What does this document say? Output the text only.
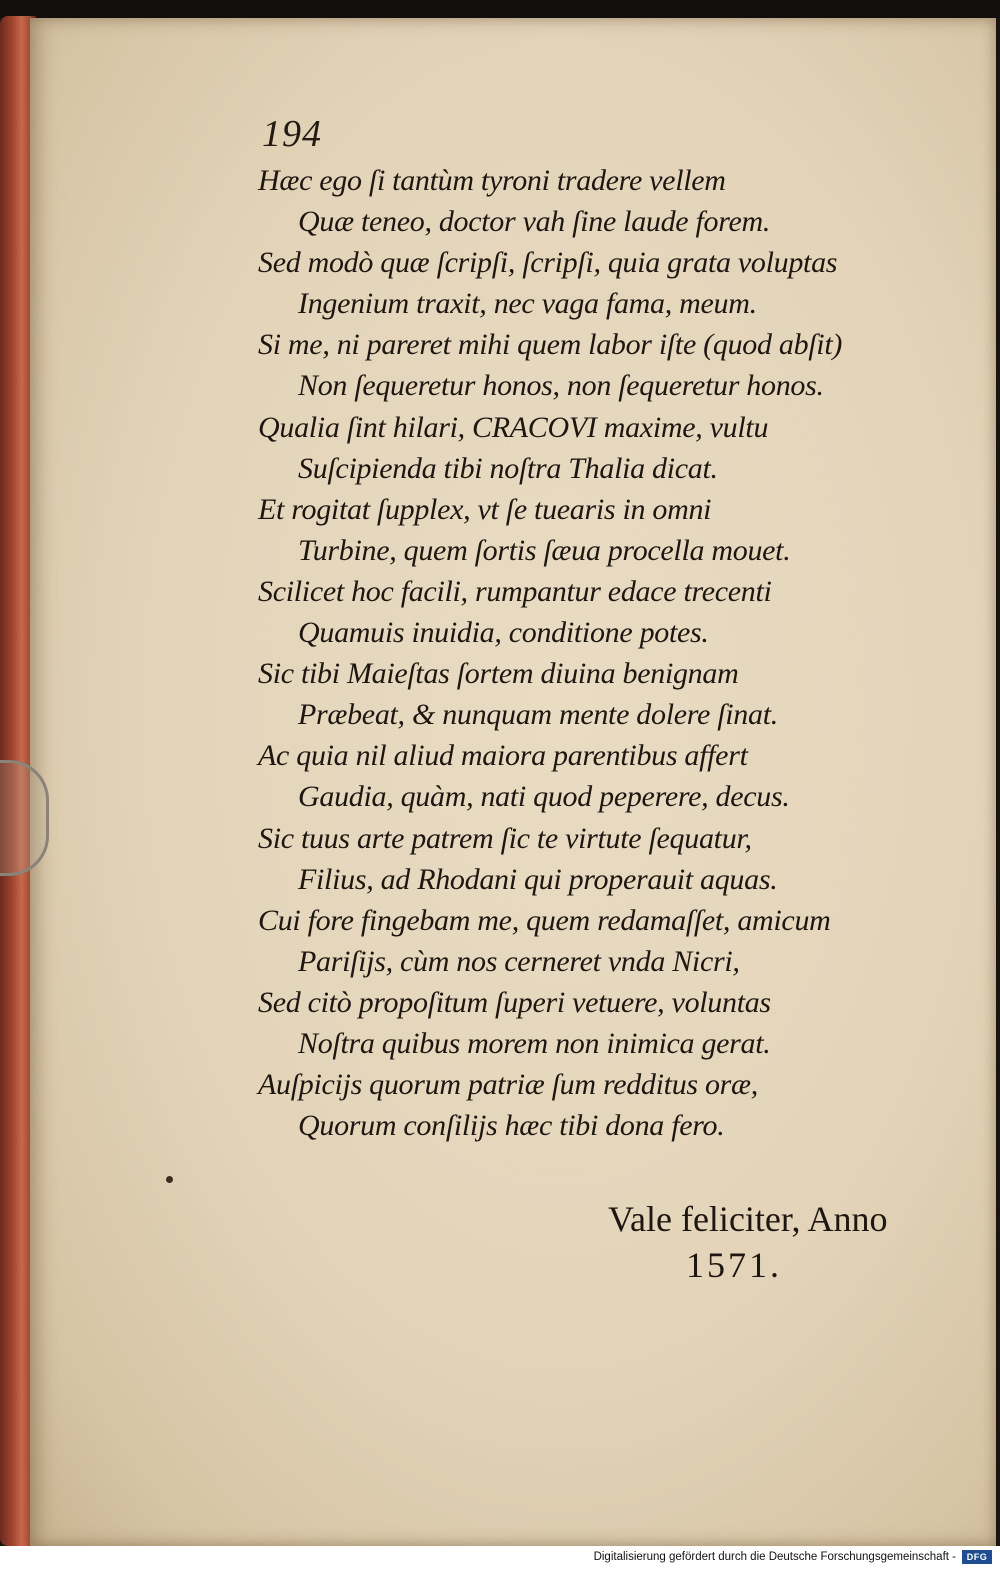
194
Hæc ego ſi tantùm tyroni tradere vellem
Quæ teneo, doctor vah ſine laude forem.
Sed modò quæ ſcripſi, ſcripſi, quia grata voluptas
Ingenium traxit, nec vaga fama, meum.
Si me, ni pareret mihi quem labor iſte (quod abſit)
Non ſequeretur honos, non ſequeretur honos.
Qualia ſint hilari, CRACOVI maxime, vultu
Suſcipienda tibi noſtra Thalia dicat.
Et rogitat ſupplex, vt ſe tuearis in omni
Turbine, quem ſortis ſæua procella mouet.
Scilicet hoc facili, rumpantur edace trecenti
Quamuis inuidia, conditione potes.
Sic tibi Maieſtas ſortem diuina benignam
Præbeat, & nunquam mente dolere ſinat.
Ac quia nil aliud maiora parentibus affert
Gaudia, quàm, nati quod peperere, decus.
Sic tuus arte patrem ſic te virtute ſequatur,
Filius, ad Rhodani qui properauit aquas.
Cui fore fingebam me, quem redamaſſet, amicum
Pariſijs, cùm nos cerneret vnda Nicri,
Sed citò propoſitum ſuperi vetuere, voluntas
Noſtra quibus morem non inimica gerat.
Auſpicijs quorum patriæ ſum redditus oræ,
Quorum conſilijs hæc tibi dona fero.
Vale feliciter, Anno
1571.
Digitalisierung gefördert durch die Deutsche Forschungsgemeinschaft -	DFG
